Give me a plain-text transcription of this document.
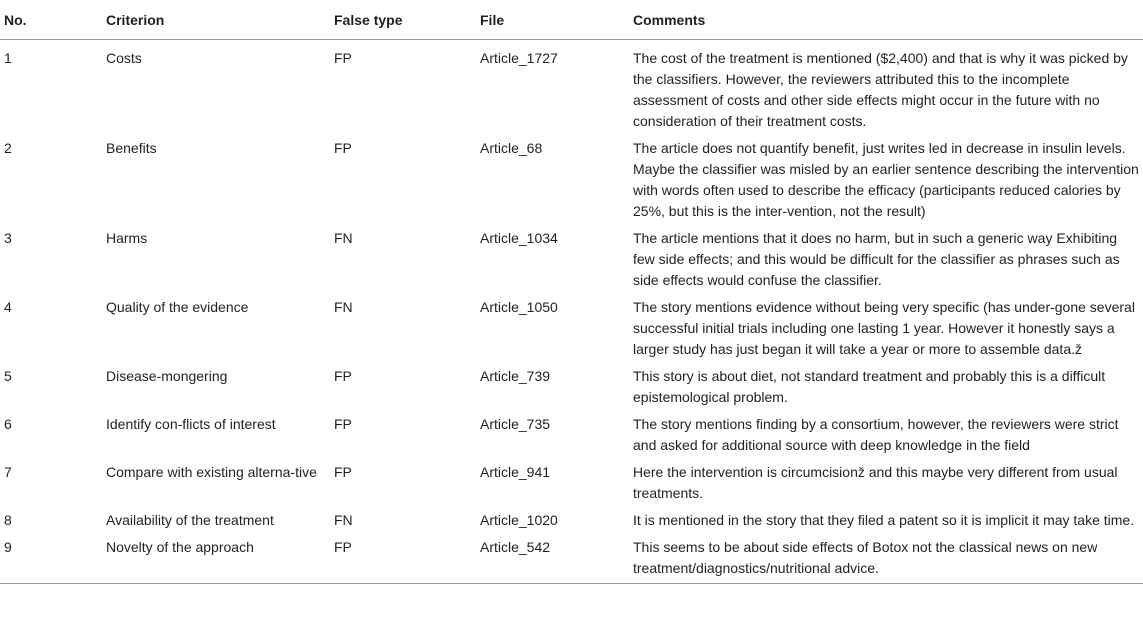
No.	Criterion	False type	File	Comments
1	Costs	FP	Article_1727	The cost of the treatment is mentioned ($2,400) and that is why it was picked by the classifiers. However, the reviewers attributed this to the incomplete assessment of costs and other side effects might occur in the future with no consideration of their treatment costs.
2	Benefits	FP	Article_68	The article does not quantify benefit, just writes led in decrease in insulin levels. Maybe the classifier was misled by an earlier sentence describing the intervention with words often used to describe the efficacy (participants reduced calories by 25%, but this is the inter-vention, not the result)
3	Harms	FN	Article_1034	The article mentions that it does no harm, but in such a generic way Exhibiting few side effects; and this would be difficult for the classifier as phrases such as side effects would confuse the classifier.
4	Quality of the evidence	FN	Article_1050	The story mentions evidence without being very specific (has under-gone several successful initial trials including one lasting 1 year. However it honestly says a larger study has just began it will take a year or more to assemble data.ž
5	Disease-mongering	FP	Article_739	This story is about diet, not standard treatment and probably this is a difficult epistemological problem.
6	Identify con-flicts of interest	FP	Article_735	The story mentions finding by a consortium, however, the reviewers were strict and asked for additional source with deep knowledge in the field
7	Compare with existing alterna-tive	FP	Article_941	Here the intervention is circumcisionž and this maybe very different from usual treatments.
8	Availability of the treatment	FN	Article_1020	It is mentioned in the story that they filed a patent so it is implicit it may take time.
9	Novelty of the approach	FP	Article_542	This seems to be about side effects of Botox not the classical news on new treatment/diagnostics/nutritional advice.
